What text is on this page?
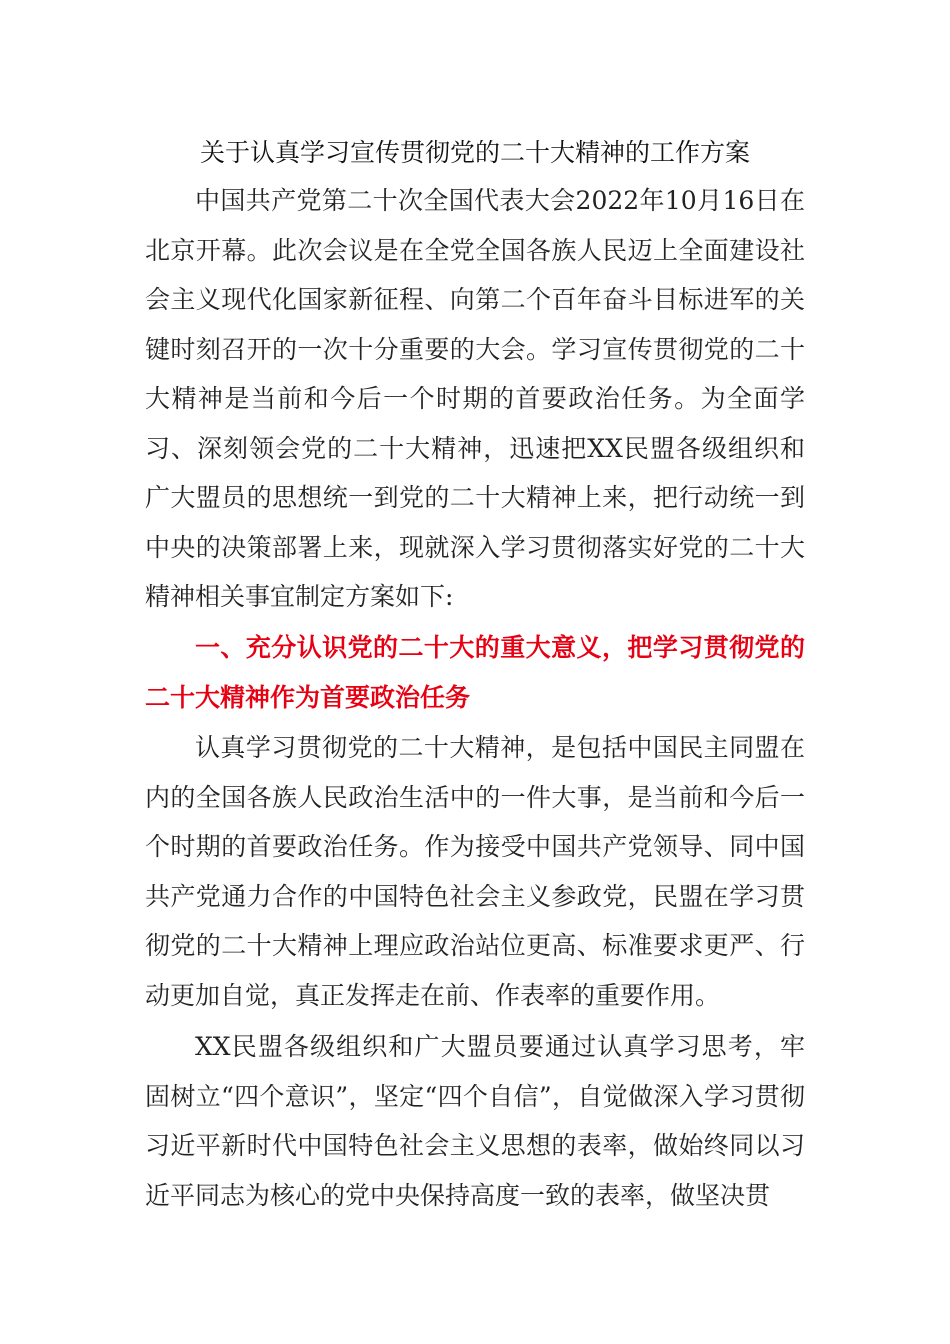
关于认真学习宣传贯彻党的二十大精神的工作方案

中国共产党第二十次全国代表大会2022年10月16日在北京开幕。此次会议是在全党全国各族人民迈上全面建设社会主义现代化国家新征程、向第二个百年奋斗目标进军的关键时刻召开的一次十分重要的大会。学习宣传贯彻党的二十大精神是当前和今后一个时期的首要政治任务。为全面学习、深刻领会党的二十大精神，迅速把XX民盟各级组织和广大盟员的思想统一到党的二十大精神上来，把行动统一到中央的决策部署上来，现就深入学习贯彻落实好党的二十大精神相关事宜制定方案如下:

一、充分认识党的二十大的重大意义，把学习贯彻党的二十大精神作为首要政治任务

认真学习贯彻党的二十大精神，是包括中国民主同盟在内的全国各族人民政治生活中的一件大事，是当前和今后一个时期的首要政治任务。作为接受中国共产党领导、同中国共产党通力合作的中国特色社会主义参政党，民盟在学习贯彻党的二十大精神上理应政治站位更高、标准要求更严、行动更加自觉，真正发挥走在前、作表率的重要作用。

XX民盟各级组织和广大盟员要通过认真学习思考，牢固树立“四个意识”，坚定“四个自信”，自觉做深入学习贯彻习近平新时代中国特色社会主义思想的表率，做始终同以习近平同志为核心的党中央保持高度一致的表率，做坚决贯
